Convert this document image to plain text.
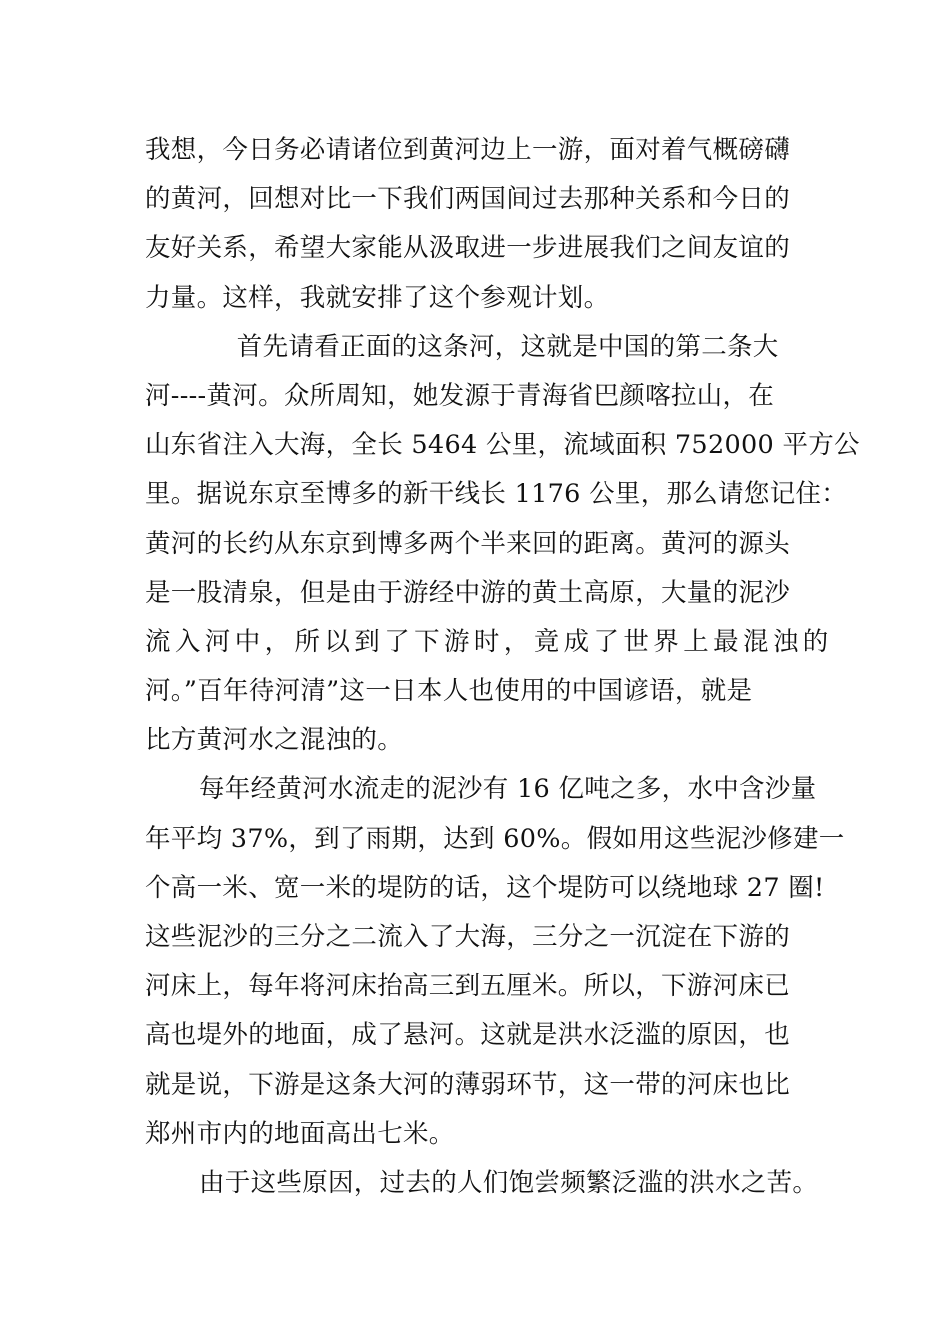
我想，今日务必请诸位到黄河边上一游，面对着气概磅礴
的黄河，回想对比一下我们两国间过去那种关系和今日的
友好关系，希望大家能从汲取进一步进展我们之间友谊的
力量。这样，我就安排了这个参观计划。
　首先请看正面的这条河，这就是中国的第二条大
河----黄河。众所周知，她发源于青海省巴颜喀拉山，在
山东省注入大海，全长 5464 公里，流域面积 752000 平方公
里。据说东京至博多的新干线长 1176 公里，那么请您记住：
黄河的长约从东京到博多两个半来回的距离。黄河的源头
是一股清泉，但是由于游经中游的黄土高原，大量的泥沙
流入河中，所以到了下游时，竟成了世界上最混浊的
河。”百年待河清”这一日本人也使用的中国谚语，就是
比方黄河水之混浊的。
每年经黄河水流走的泥沙有 16 亿吨之多，水中含沙量
年平均 37%，到了雨期，达到 60%。假如用这些泥沙修建一
个高一米、宽一米的堤防的话，这个堤防可以绕地球 27 圈!
这些泥沙的三分之二流入了大海，三分之一沉淀在下游的
河床上，每年将河床抬高三到五厘米。所以，下游河床已
高也堤外的地面，成了悬河。这就是洪水泛滥的原因，也
就是说，下游是这条大河的薄弱环节，这一带的河床也比
郑州市内的地面高出七米。
由于这些原因，过去的人们饱尝频繁泛滥的洪水之苦。
